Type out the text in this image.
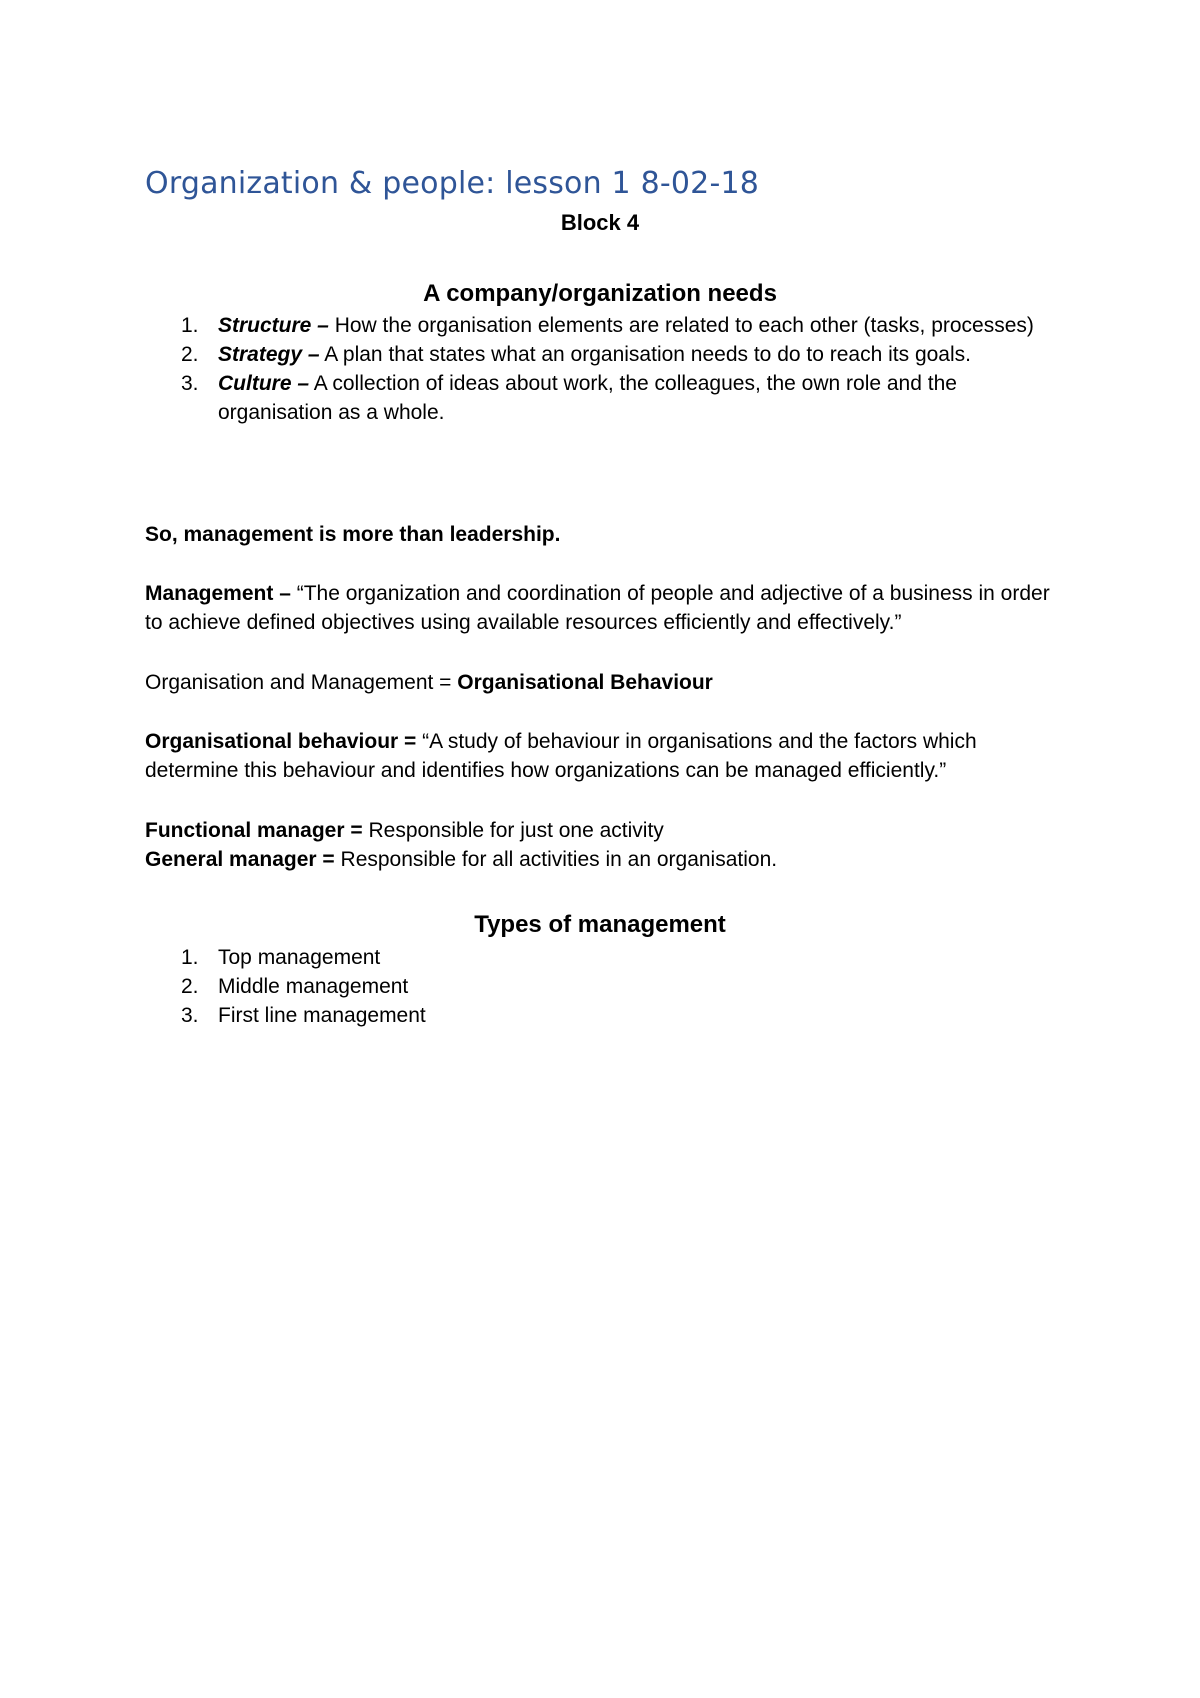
Organization & people: lesson 1 8-02-18
Block 4
A company/organization needs
1. Structure – How the organisation elements are related to each other (tasks, processes)
2. Strategy – A plan that states what an organisation needs to do to reach its goals.
3. Culture – A collection of ideas about work, the colleagues, the own role and the organisation as a whole.
So, management is more than leadership.
Management – “The organization and coordination of people and adjective of a business in order to achieve defined objectives using available resources efficiently and effectively.”
Organisation and Management = Organisational Behaviour
Organisational behaviour = “A study of behaviour in organisations and the factors which determine this behaviour and identifies how organizations can be managed efficiently.”
Functional manager = Responsible for just one activity
General manager = Responsible for all activities in an organisation.
Types of management
1. Top management
2. Middle management
3. First line management
